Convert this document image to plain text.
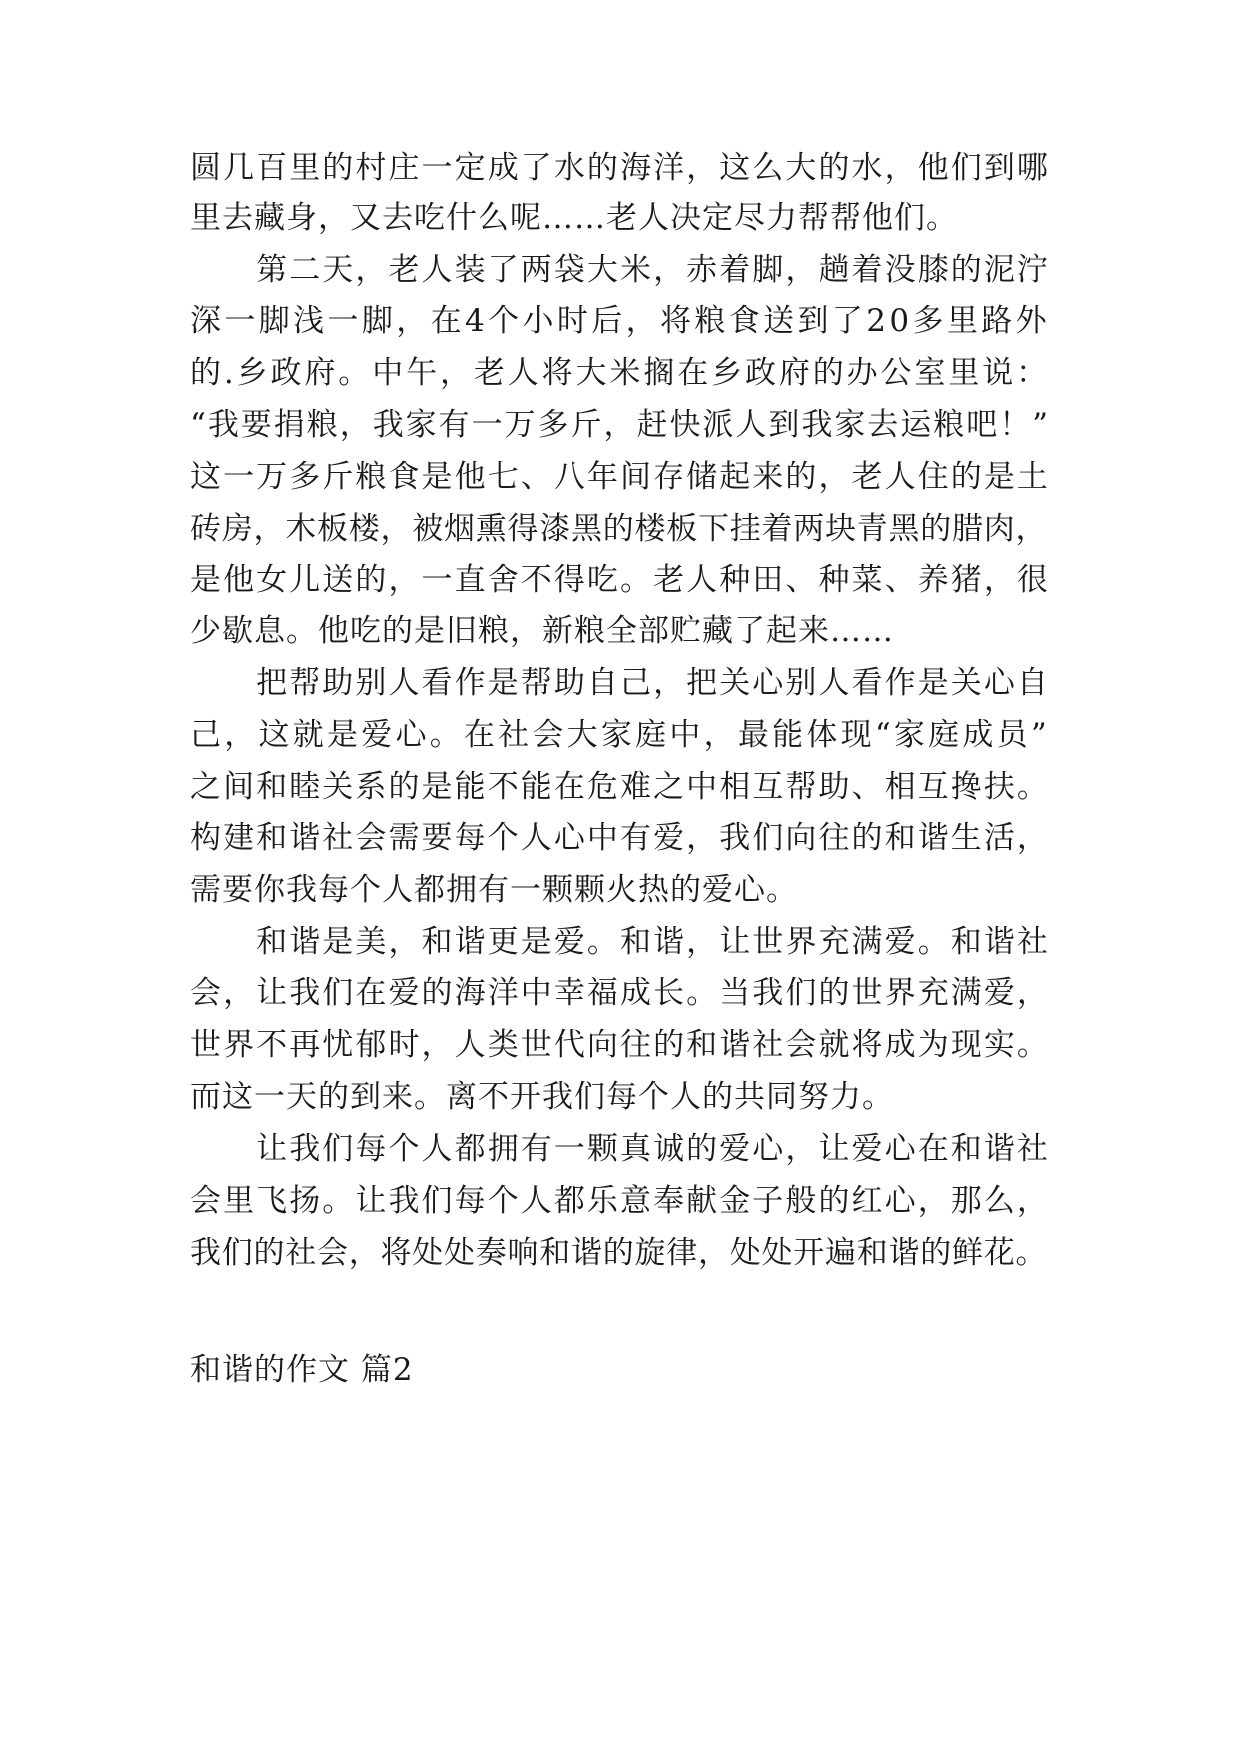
圆几百里的村庄一定成了水的海洋，这么大的水，他们到哪
里去藏身，又去吃什么呢……老人决定尽力帮帮他们。
　　第二天，老人装了两袋大米，赤着脚，趟着没膝的泥泞
深一脚浅一脚，在4个小时后，将粮食送到了20多里路外
的.乡政府。中午，老人将大米搁在乡政府的办公室里说：
“我要捐粮，我家有一万多斤，赶快派人到我家去运粮吧！”
这一万多斤粮食是他七、八年间存储起来的，老人住的是土
砖房，木板楼，被烟熏得漆黑的楼板下挂着两块青黑的腊肉，
是他女儿送的，一直舍不得吃。老人种田、种菜、养猪，很
少歇息。他吃的是旧粮，新粮全部贮藏了起来……
　　把帮助别人看作是帮助自己，把关心别人看作是关心自
己，这就是爱心。在社会大家庭中，最能体现“家庭成员”
之间和睦关系的是能不能在危难之中相互帮助、相互搀扶。
构建和谐社会需要每个人心中有爱，我们向往的和谐生活，
需要你我每个人都拥有一颗颗火热的爱心。
　　和谐是美，和谐更是爱。和谐，让世界充满爱。和谐社
会，让我们在爱的海洋中幸福成长。当我们的世界充满爱，
世界不再忧郁时，人类世代向往的和谐社会就将成为现实。
而这一天的到来。离不开我们每个人的共同努力。
　　让我们每个人都拥有一颗真诚的爱心，让爱心在和谐社
会里飞扬。让我们每个人都乐意奉献金子般的红心，那么，
我们的社会，将处处奏响和谐的旋律，处处开遍和谐的鲜花。
和谐的作文 篇2
